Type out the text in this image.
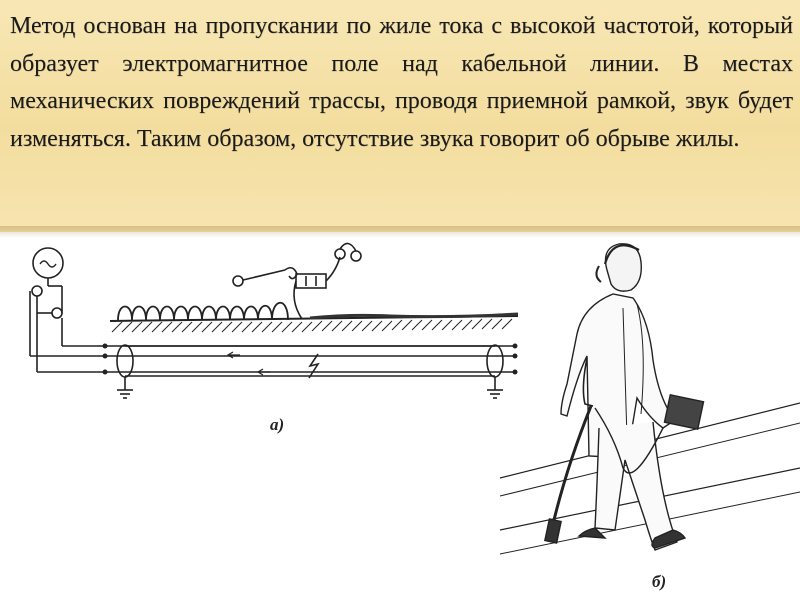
Метод основан на пропускании по жиле тока с высокой частотой, который образует электромагнитное поле над кабельной линии. В местах механических повреждений трассы, проводя приемной рамкой, звук будет изменяться. Таким образом, отсутствие звука говорит об обрыве жилы.

а)
б)
